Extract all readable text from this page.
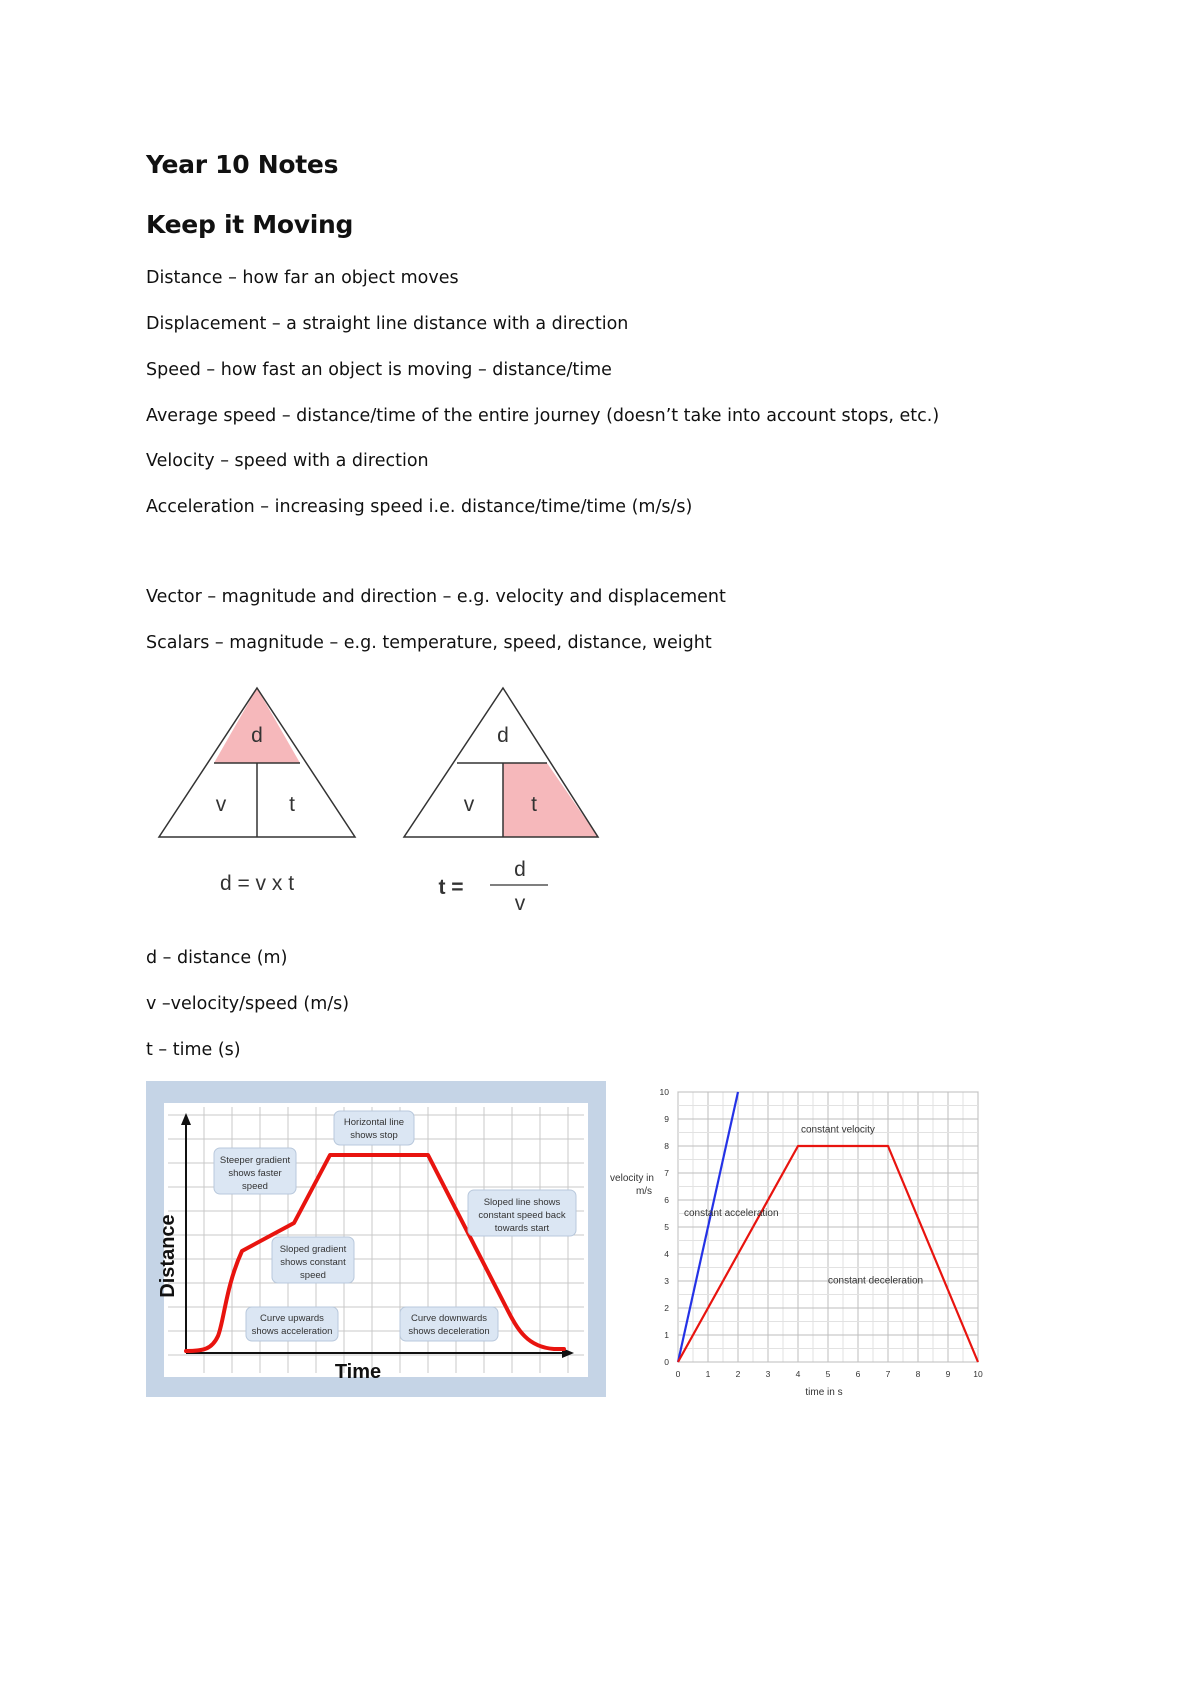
Year 10 Notes
Keep it Moving
Distance – how far an object moves
Displacement – a straight line distance with a direction
Speed – how fast an object is moving – distance/time
Average speed – distance/time of the entire journey (doesn’t take into account stops, etc.)
Velocity – speed with a direction
Acceleration – increasing speed i.e. distance/time/time (m/s/s)
Vector – magnitude and direction – e.g. velocity and displacement
Scalars – magnitude – e.g. temperature, speed, distance, weight
d
v	t
d = v x t
d
v	t
t =
d
v
d – distance (m)
v –velocity/speed (m/s)
t – time (s)
Distance
Time
Steeper gradient
shows faster
speed
Horizontal line
shows stop
Sloped line shows
constant speed back
towards start
Sloped gradient
shows constant
speed
Curve upwards
shows acceleration
Curve downwards
shows deceleration
0	1	2	3	4	5	6	7	8	9	10
0
1
2
3
4
5
6
7
8
9
10
constant velocity
constant acceleration
constant deceleration
velocity in
m/s
time in s
